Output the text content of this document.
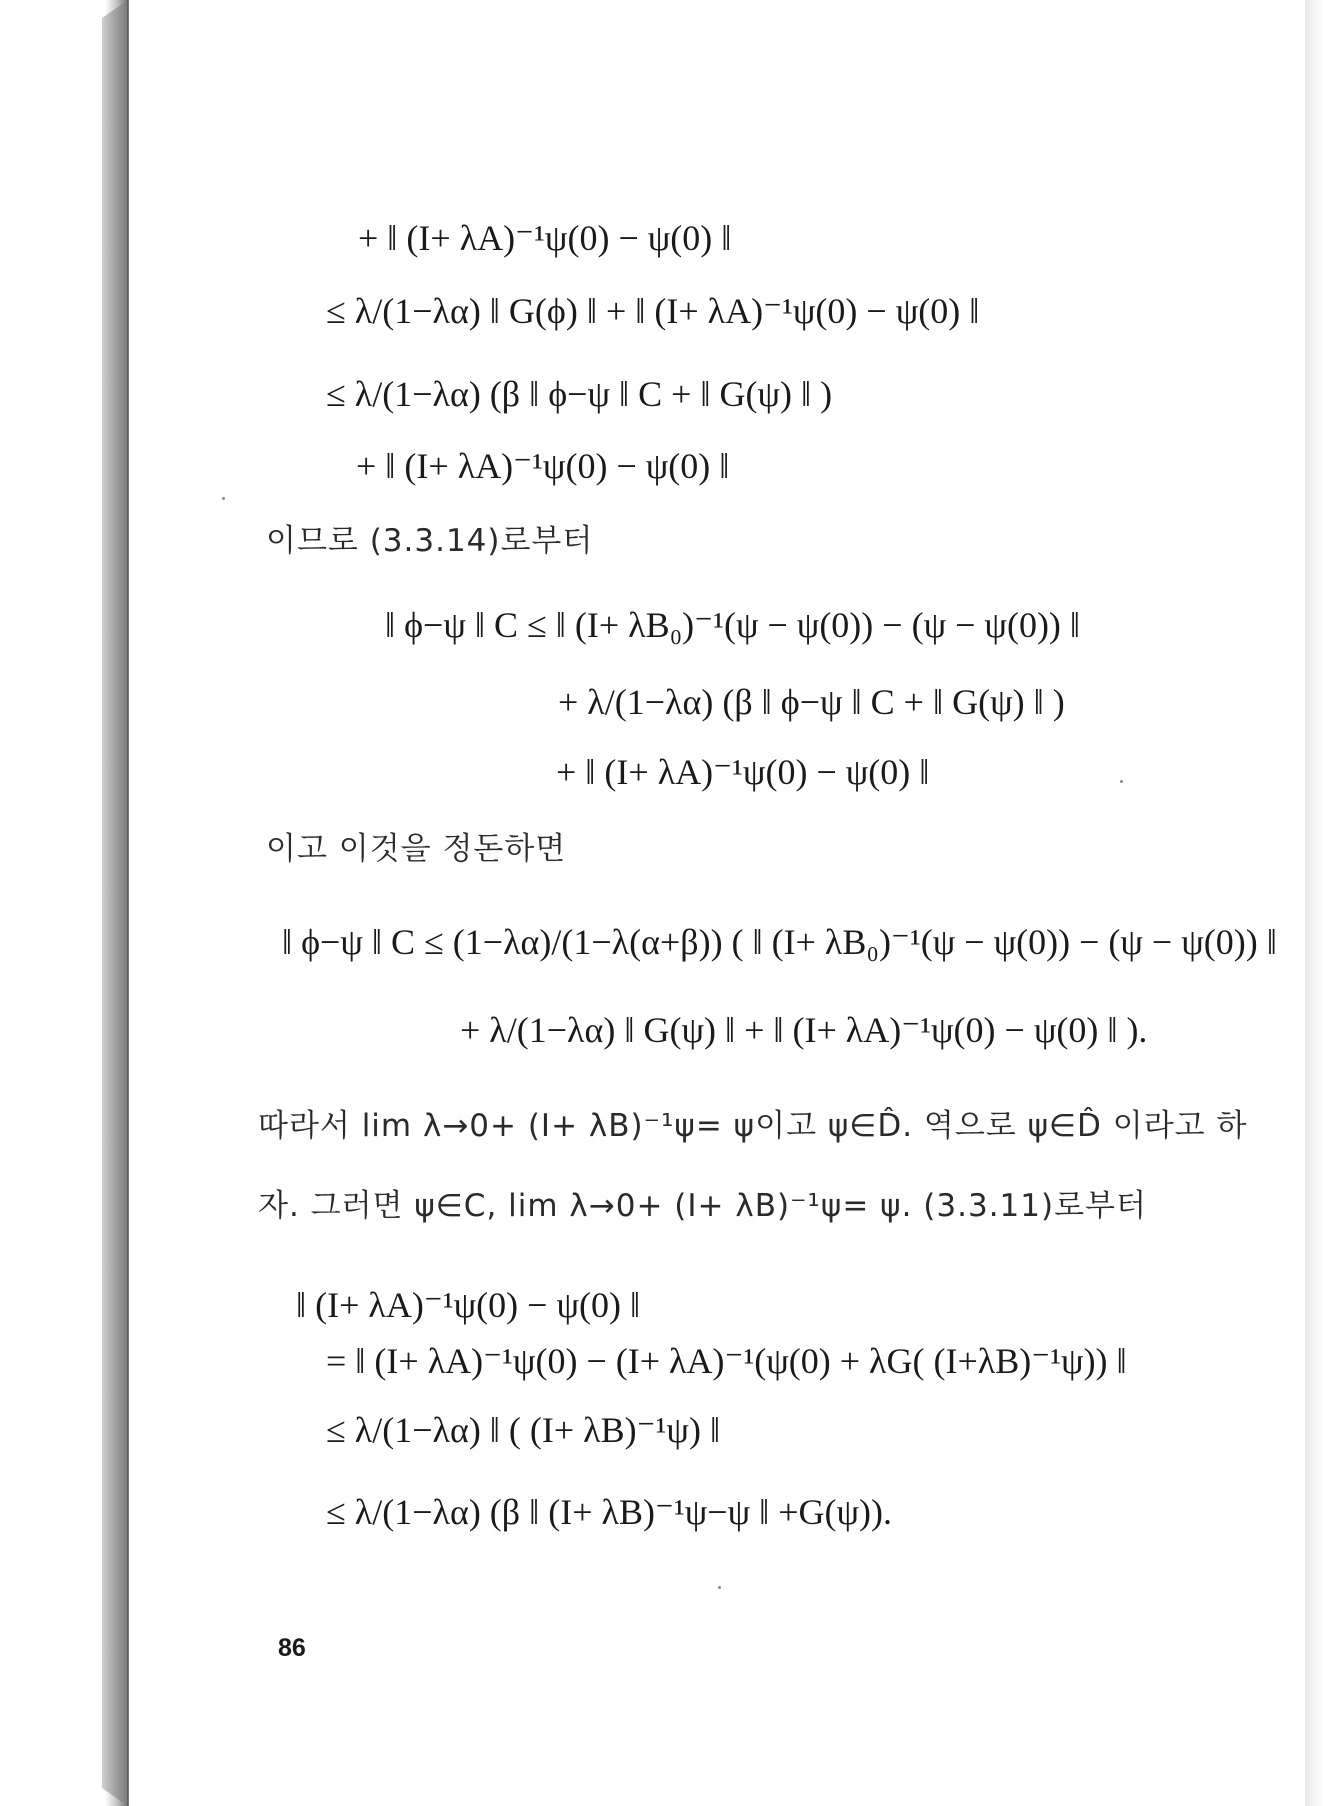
+ ‖ (I+ λA)⁻¹ψ(0) − ψ(0) ‖
≤ λ/(1−λα) ‖ G(ϕ) ‖ + ‖ (I+ λA)⁻¹ψ(0) − ψ(0) ‖
≤ λ/(1−λα) (β ‖ ϕ−ψ ‖ C + ‖ G(ψ) ‖ )
+ ‖ (I+ λA)⁻¹ψ(0) − ψ(0) ‖
이므로 (3.3.14)로부터
‖ ϕ−ψ ‖ C ≤ ‖ (I+ λB₀)⁻¹(ψ − ψ(0)) − (ψ − ψ(0)) ‖
+ λ/(1−λα) (β ‖ ϕ−ψ ‖ C + ‖ G(ψ) ‖ )
+ ‖ (I+ λA)⁻¹ψ(0) − ψ(0) ‖
이고 이것을 정돈하면
‖ ϕ−ψ ‖ C ≤ (1−λα)/(1−λ(α+β)) ( ‖ (I+ λB₀)⁻¹(ψ − ψ(0)) − (ψ − ψ(0)) ‖
+ λ/(1−λα) ‖ G(ψ) ‖ + ‖ (I+ λA)⁻¹ψ(0) − ψ(0) ‖ ).
따라서 lim λ→0+ (I+ λB)⁻¹ψ= ψ이고 ψ∈D̂. 역으로 ψ∈D̂ 이라고 하
자. 그러면 ψ∈C, lim λ→0+ (I+ λB)⁻¹ψ= ψ. (3.3.11)로부터
‖ (I+ λA)⁻¹ψ(0) − ψ(0) ‖
= ‖ (I+ λA)⁻¹ψ(0) − (I+ λA)⁻¹(ψ(0) + λG( (I+λB)⁻¹ψ)) ‖
≤ λ/(1−λα) ‖ ( (I+ λB)⁻¹ψ) ‖
≤ λ/(1−λα) (β ‖ (I+ λB)⁻¹ψ−ψ ‖ +G(ψ)).
86
